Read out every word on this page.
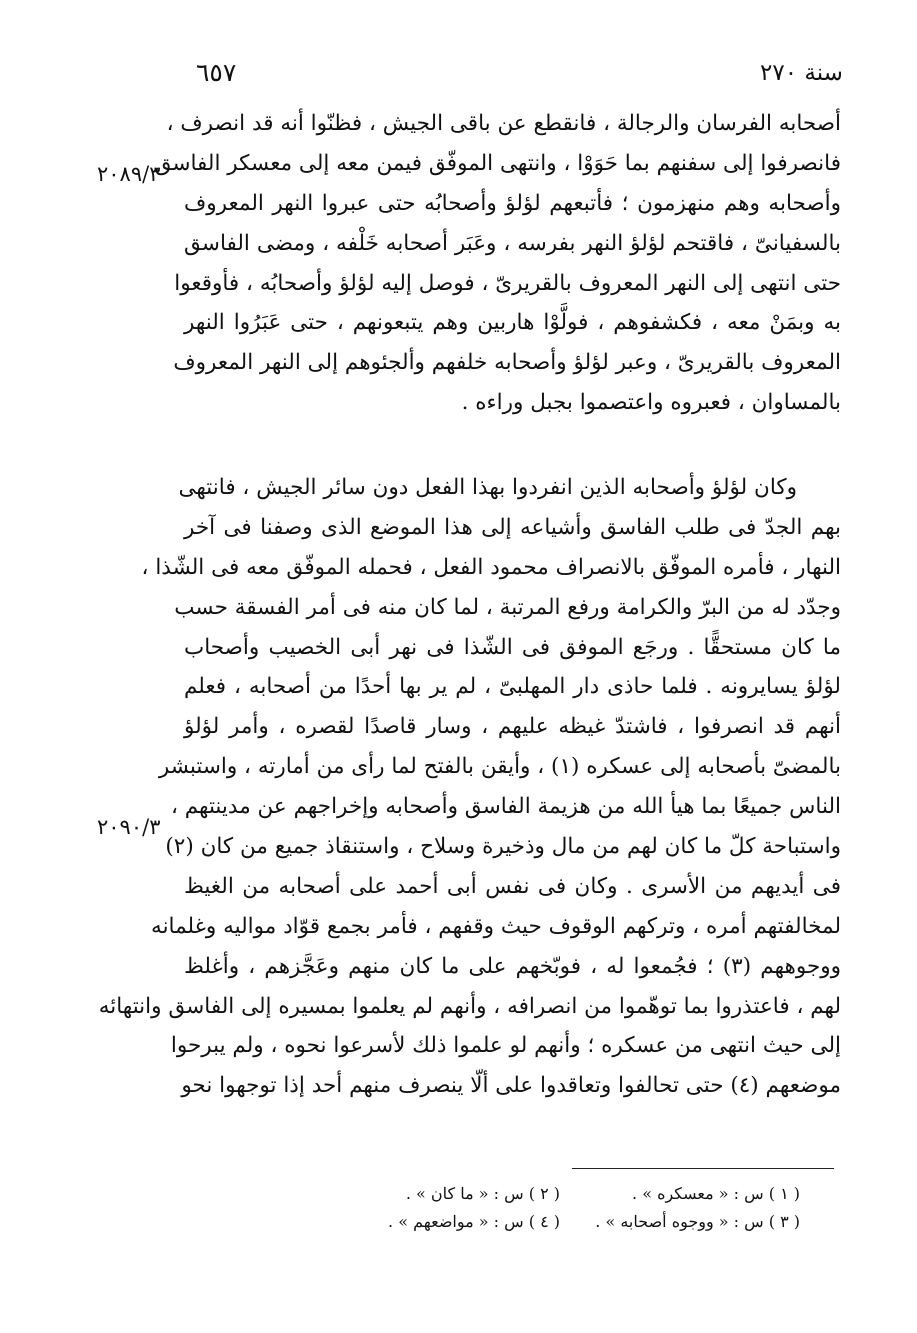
٦٥٧	سنة ٢٧٠
٢٠٨٩/٣
٢٠٩٠/٣
أصحابه الفرسان والرجالة ، فانقطع عن باقى الجيش ، فظنّوا أنه قد انصرف ،
فانصرفوا إلى سفنهم بما حَوَوْا ، وانتهى الموفّق فيمن معه إلى معسكر الفاسق
وأصحابه وهم منهزمون ؛ فأتبعهم لؤلؤ وأصحابُه حتى عبروا النهر المعروف
بالسفيانىّ ، فاقتحم لؤلؤ النهر بفرسه ، وعَبَر أصحابه خَلْفه ، ومضى الفاسق
حتى انتهى إلى النهر المعروف بالقريرىّ ، فوصل إليه لؤلؤ وأصحابُه ، فأوقعوا
به وبمَنْ معه ، فكشفوهم ، فولَّوْا هاربين وهم يتبعونهم ، حتى عَبَرُوا النهر
المعروف بالقريرىّ ، وعبر لؤلؤ وأصحابه خلفهم وألجئوهم إلى النهر المعروف
بالمساوان ، فعبروه واعتصموا بجبل وراءه .
وكان لؤلؤ وأصحابه الذين انفردوا بهذا الفعل دون سائر الجيش ، فانتهى
بهم الجدّ فى طلب الفاسق وأشياعه إلى هذا الموضع الذى وصفنا فى آخر
النهار ، فأمره الموفّق بالانصراف محمود الفعل ، فحمله الموفّق معه فى الشّذا ،
وجدّد له من البرّ والكرامة ورفع المرتبة ، لما كان منه فى أمر الفسقة حسب
ما كان مستحقًّا . ورجَع الموفق فى الشّذا فى نهر أبى الخصيب وأصحاب
لؤلؤ يسايرونه . فلما حاذى دار المهلبىّ ، لم ير بها أحدًا من أصحابه ، فعلم
أنهم قد انصرفوا ، فاشتدّ غيظه عليهم ، وسار قاصدًا لقصره ، وأمر لؤلؤ
بالمضىّ بأصحابه إلى عسكره (١) ، وأيقن بالفتح لما رأى من أمارته ، واستبشر
الناس جميعًا بما هيأ الله من هزيمة الفاسق وأصحابه وإخراجهم عن مدينتهم ،
واستباحة كلّ ما كان لهم من مال وذخيرة وسلاح ، واستنقاذ جميع من كان (٢)
فى أيديهم من الأسرى . وكان فى نفس أبى أحمد على أصحابه من الغيظ
لمخالفتهم أمره ، وتركهم الوقوف حيث وقفهم ، فأمر بجمع قوّاد مواليه وغلمانه
ووجوههم (٣) ؛ فجُمعوا له ، فوبّخهم على ما كان منهم وعَجَّزهم ، وأغلظ
لهم ، فاعتذروا بما توهّموا من انصرافه ، وأنهم لم يعلموا بمسيره إلى الفاسق وانتهائه
إلى حيث انتهى من عسكره ؛ وأنهم لو علموا ذلك لأسرعوا نحوه ، ولم يبرحوا
موضعهم (٤) حتى تحالفوا وتعاقدوا على ألّا ينصرف منهم أحد إذا توجهوا نحو
( ١ ) س : « معسكره » .
( ٢ ) س : « ما كان » .
( ٣ ) س : « ووجوه أصحابه » .
( ٤ ) س : « مواضعهم » .
